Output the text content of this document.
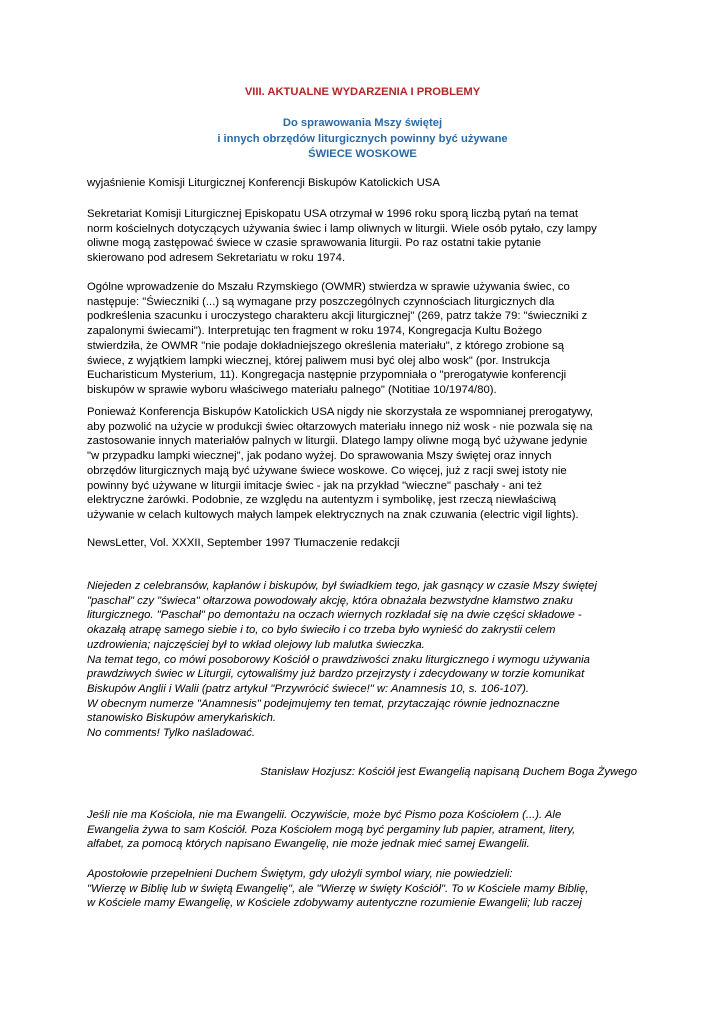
VIII. AKTUALNE WYDARZENIA I PROBLEMY
Do sprawowania Mszy świętej
i innych obrzędów liturgicznych powinny być używane
ŚWIECE WOSKOWE

wyjaśnienie Komisji Liturgicznej Konferencji Biskupów Katolickich USA

Sekretariat Komisji Liturgicznej Episkopatu USA otrzymał w 1996 roku sporą liczbą pytań na temat
norm kościelnych dotyczących używania świec i lamp oliwnych w liturgii. Wiele osób pytało, czy lampy
oliwne mogą zastępować świece w czasie sprawowania liturgii. Po raz ostatni takie pytanie
skierowano pod adresem Sekretariatu w roku 1974.

Ogólne wprowadzenie do Mszału Rzymskiego (OWMR) stwierdza w sprawie używania świec, co
następuje: "Świeczniki (...) są wymagane przy poszczególnych czynnościach liturgicznych dla
podkreślenia szacunku i uroczystego charakteru akcji liturgicznej" (269, patrz także 79: "świeczniki z
zapalonymi świecami"). Interpretując ten fragment w roku 1974, Kongregacja Kultu Bożego
stwierdziła, że OWMR "nie podaje dokładniejszego określenia materiału", z którego zrobione są
świece, z wyjątkiem lampki wiecznej, której paliwem musi być olej albo wosk" (por. Instrukcja
Eucharisticum Mysterium, 11). Kongregacja następnie przypomniała o "prerogatywie konferencji
biskupów w sprawie wyboru właściwego materiału palnego" (Notitiae 10/1974/80).

Ponieważ Konferencja Biskupów Katolickich USA nigdy nie skorzystała ze wspomnianej prerogatywy,
aby pozwolić na użycie w produkcji świec ołtarzowych materiału innego niż wosk - nie pozwala się na
zastosowanie innych materiałów palnych w liturgii. Dlatego lampy oliwne mogą być używane jedynie
"w przypadku lampki wiecznej", jak podano wyżej. Do sprawowania Mszy świętej oraz innych
obrzędów liturgicznych mają być używane świece woskowe. Co więcej, już z racji swej istoty nie
powinny być używane w liturgii imitacje świec - jak na przykład "wieczne" paschały - ani też
elektryczne żarówki. Podobnie, ze względu na autentyzm i symbolikę, jest rzeczą niewłaściwą
używanie w celach kultowych małych lampek elektrycznych na znak czuwania (electric vigil lights).

NewsLetter, Vol. XXXII, September 1997 Tłumaczenie redakcji

Niejeden z celebransów, kapłanów i biskupów, był świadkiem tego, jak gasnący w czasie Mszy świętej
"paschał" czy "świeca" ołtarzowa powodowały akcję, która obnażała bezwstydne kłamstwo znaku
liturgicznego. "Paschał" po demontażu na oczach wiernych rozkładał się na dwie części składowe -
okazałą atrapę samego siebie i to, co było świeciło i co trzeba było wynieść do zakrystii celem
uzdrowienia; najczęściej był to wkład olejowy lub malutka świeczka.
Na temat tego, co mówi posoborowy Kościół o prawdziwości znaku liturgicznego i wymogu używania
prawdziwych świec w Liturgii, cytowaliśmy już bardzo przejrzysty i zdecydowany w torzie komunikat
Biskupów Anglii i Walii (patrz artykuł "Przywrócić świece!" w: Anamnesis 10, s. 106-107).
W obecnym numerze "Anamnesis" podejmujemy ten temat, przytaczając równie jednoznaczne
stanowisko Biskupów amerykańskich.
No comments! Tylko naśladować.

Stanisław Hozjusz: Kościół jest Ewangelią napisaną Duchem Boga Żywego

Jeśli nie ma Kościoła, nie ma Ewangelii. Oczywiście, może być Pismo poza Kościołem (...). Ale
Ewangelia żywa to sam Kościół. Poza Kościołem mogą być pergaminy lub papier, atrament, litery,
alfabet, za pomocą których napisano Ewangelię, nie może jednak mieć samej Ewangelii.

Apostołowie przepełnieni Duchem Świętym, gdy ułożyli symbol wiary, nie powiedzieli:
"Wierzę w Biblię lub w świętą Ewangelię", ale "Wierzę w święty Kościół". To w Kościele mamy Biblię,
w Kościele mamy Ewangelię, w Kościele zdobywamy autentyczne rozumienie Ewangelii; lub raczej
